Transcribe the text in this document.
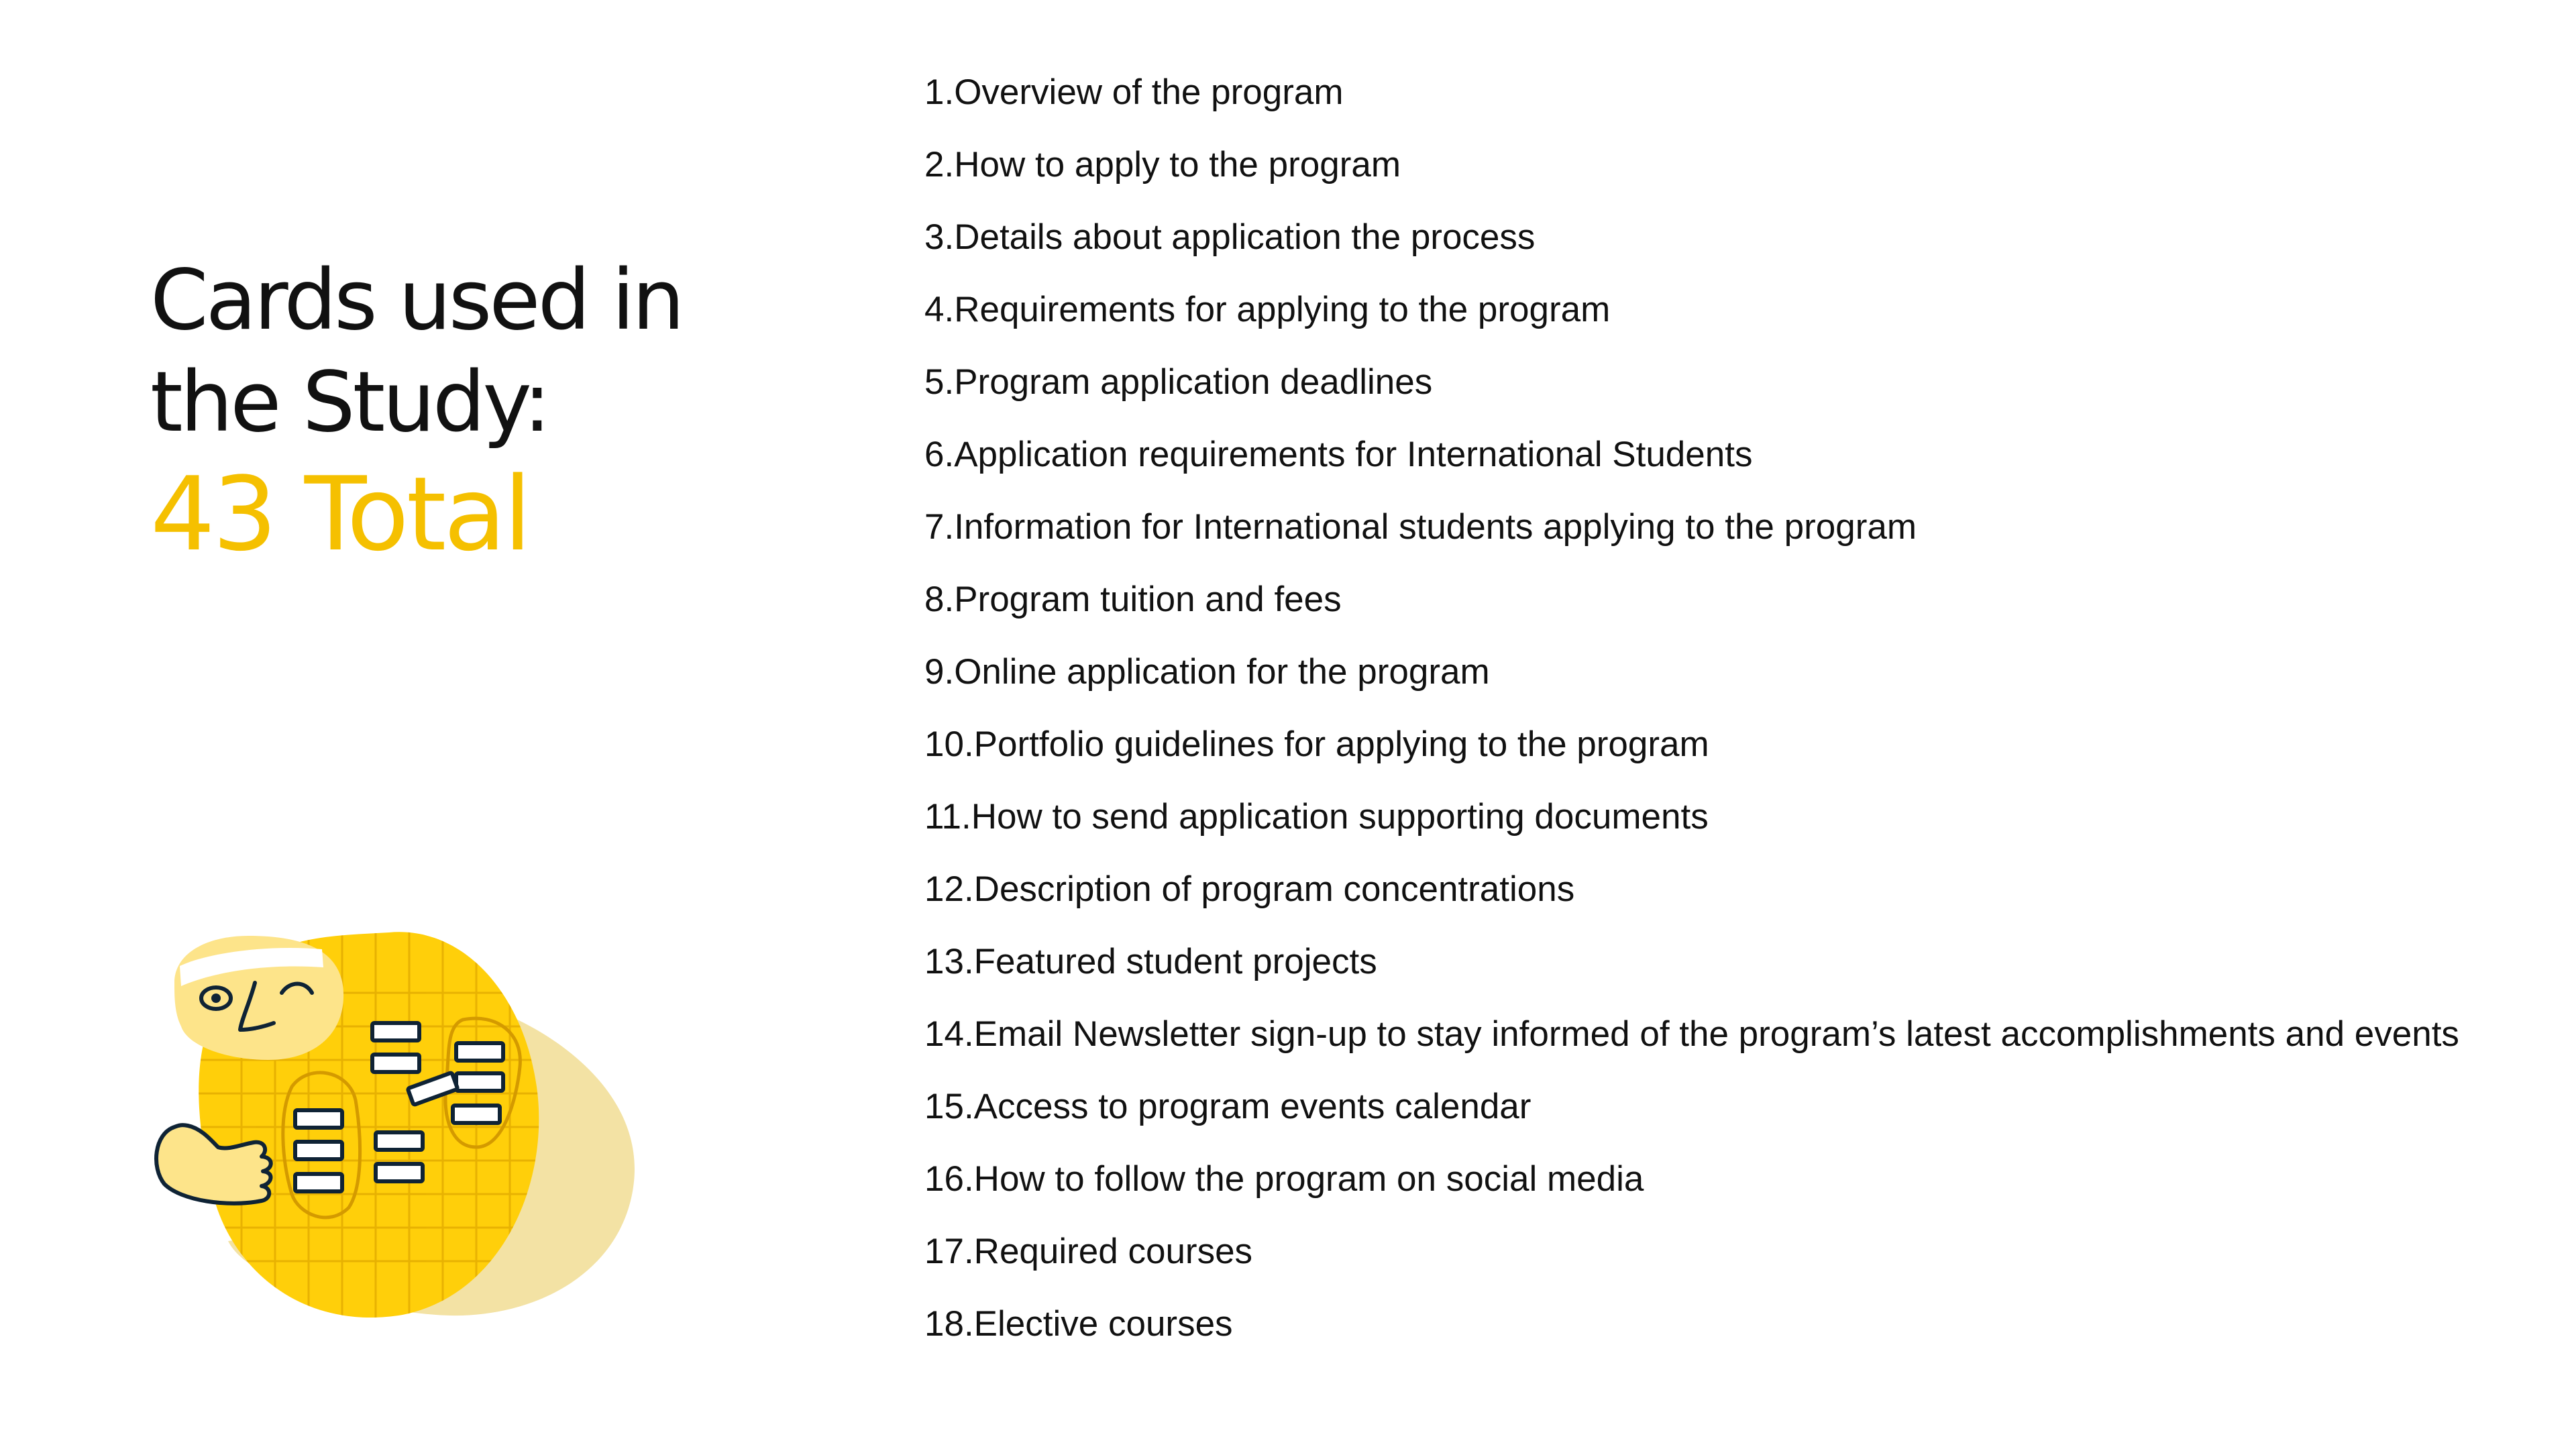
Cards used in
the Study:
43 Total
1.Overview of the program
2.How to apply to the program
3.Details about application the process
4.Requirements for applying to the program
5.Program application deadlines
6.Application requirements for International Students
7.Information for International students applying to the program
8.Program tuition and fees
9.Online application for the program
10.Portfolio guidelines for applying to the program
11.How to send application supporting documents
12.Description of program concentrations
13.Featured student projects
14.Email Newsletter sign-up to stay informed of the program’s latest accomplishments and events
15.Access to program events calendar
16.How to follow the program on social media
17.Required courses
18.Elective courses
